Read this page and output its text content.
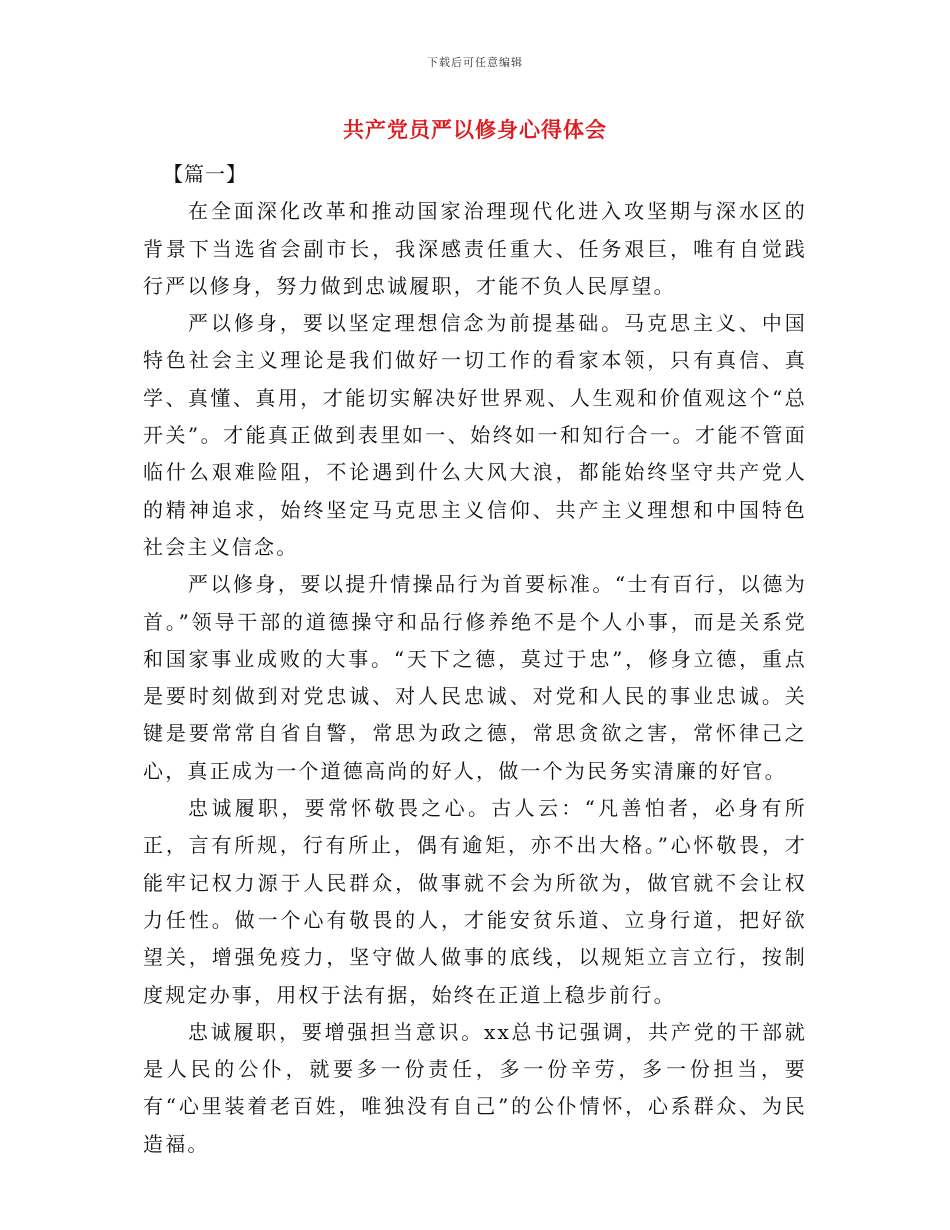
下载后可任意编辑
共产党员严以修身心得体会

【篇一】

在全面深化改革和推动国家治理现代化进入攻坚期与深水区的背景下当选省会副市长，我深感责任重大、任务艰巨，唯有自觉践行严以修身，努力做到忠诚履职，才能不负人民厚望。

严以修身，要以坚定理想信念为前提基础。马克思主义、中国特色社会主义理论是我们做好一切工作的看家本领，只有真信、真学、真懂、真用，才能切实解决好世界观、人生观和价值观这个“总开关”。才能真正做到表里如一、始终如一和知行合一。才能不管面临什么艰难险阻，不论遇到什么大风大浪，都能始终坚守共产党人的精神追求，始终坚定马克思主义信仰、共产主义理想和中国特色社会主义信念。

严以修身，要以提升情操品行为首要标准。“士有百行，以德为首。”领导干部的道德操守和品行修养绝不是个人小事，而是关系党和国家事业成败的大事。“天下之德，莫过于忠”，修身立德，重点是要时刻做到对党忠诚、对人民忠诚、对党和人民的事业忠诚。关键是要常常自省自警，常思为政之德，常思贪欲之害，常怀律己之心，真正成为一个道德高尚的好人，做一个为民务实清廉的好官。

忠诚履职，要常怀敬畏之心。古人云：“凡善怕者，必身有所正，言有所规，行有所止，偶有逾矩，亦不出大格。”心怀敬畏，才能牢记权力源于人民群众，做事就不会为所欲为，做官就不会让权力任性。做一个心有敬畏的人，才能安贫乐道、立身行道，把好欲望关，增强免疫力，坚守做人做事的底线，以规矩立言立行，按制度规定办事，用权于法有据，始终在正道上稳步前行。

忠诚履职，要增强担当意识。xx总书记强调，共产党的干部就是人民的公仆，就要多一份责任，多一份辛劳，多一份担当，要有“心里装着老百姓，唯独没有自己”的公仆情怀，心系群众、为民造福。
